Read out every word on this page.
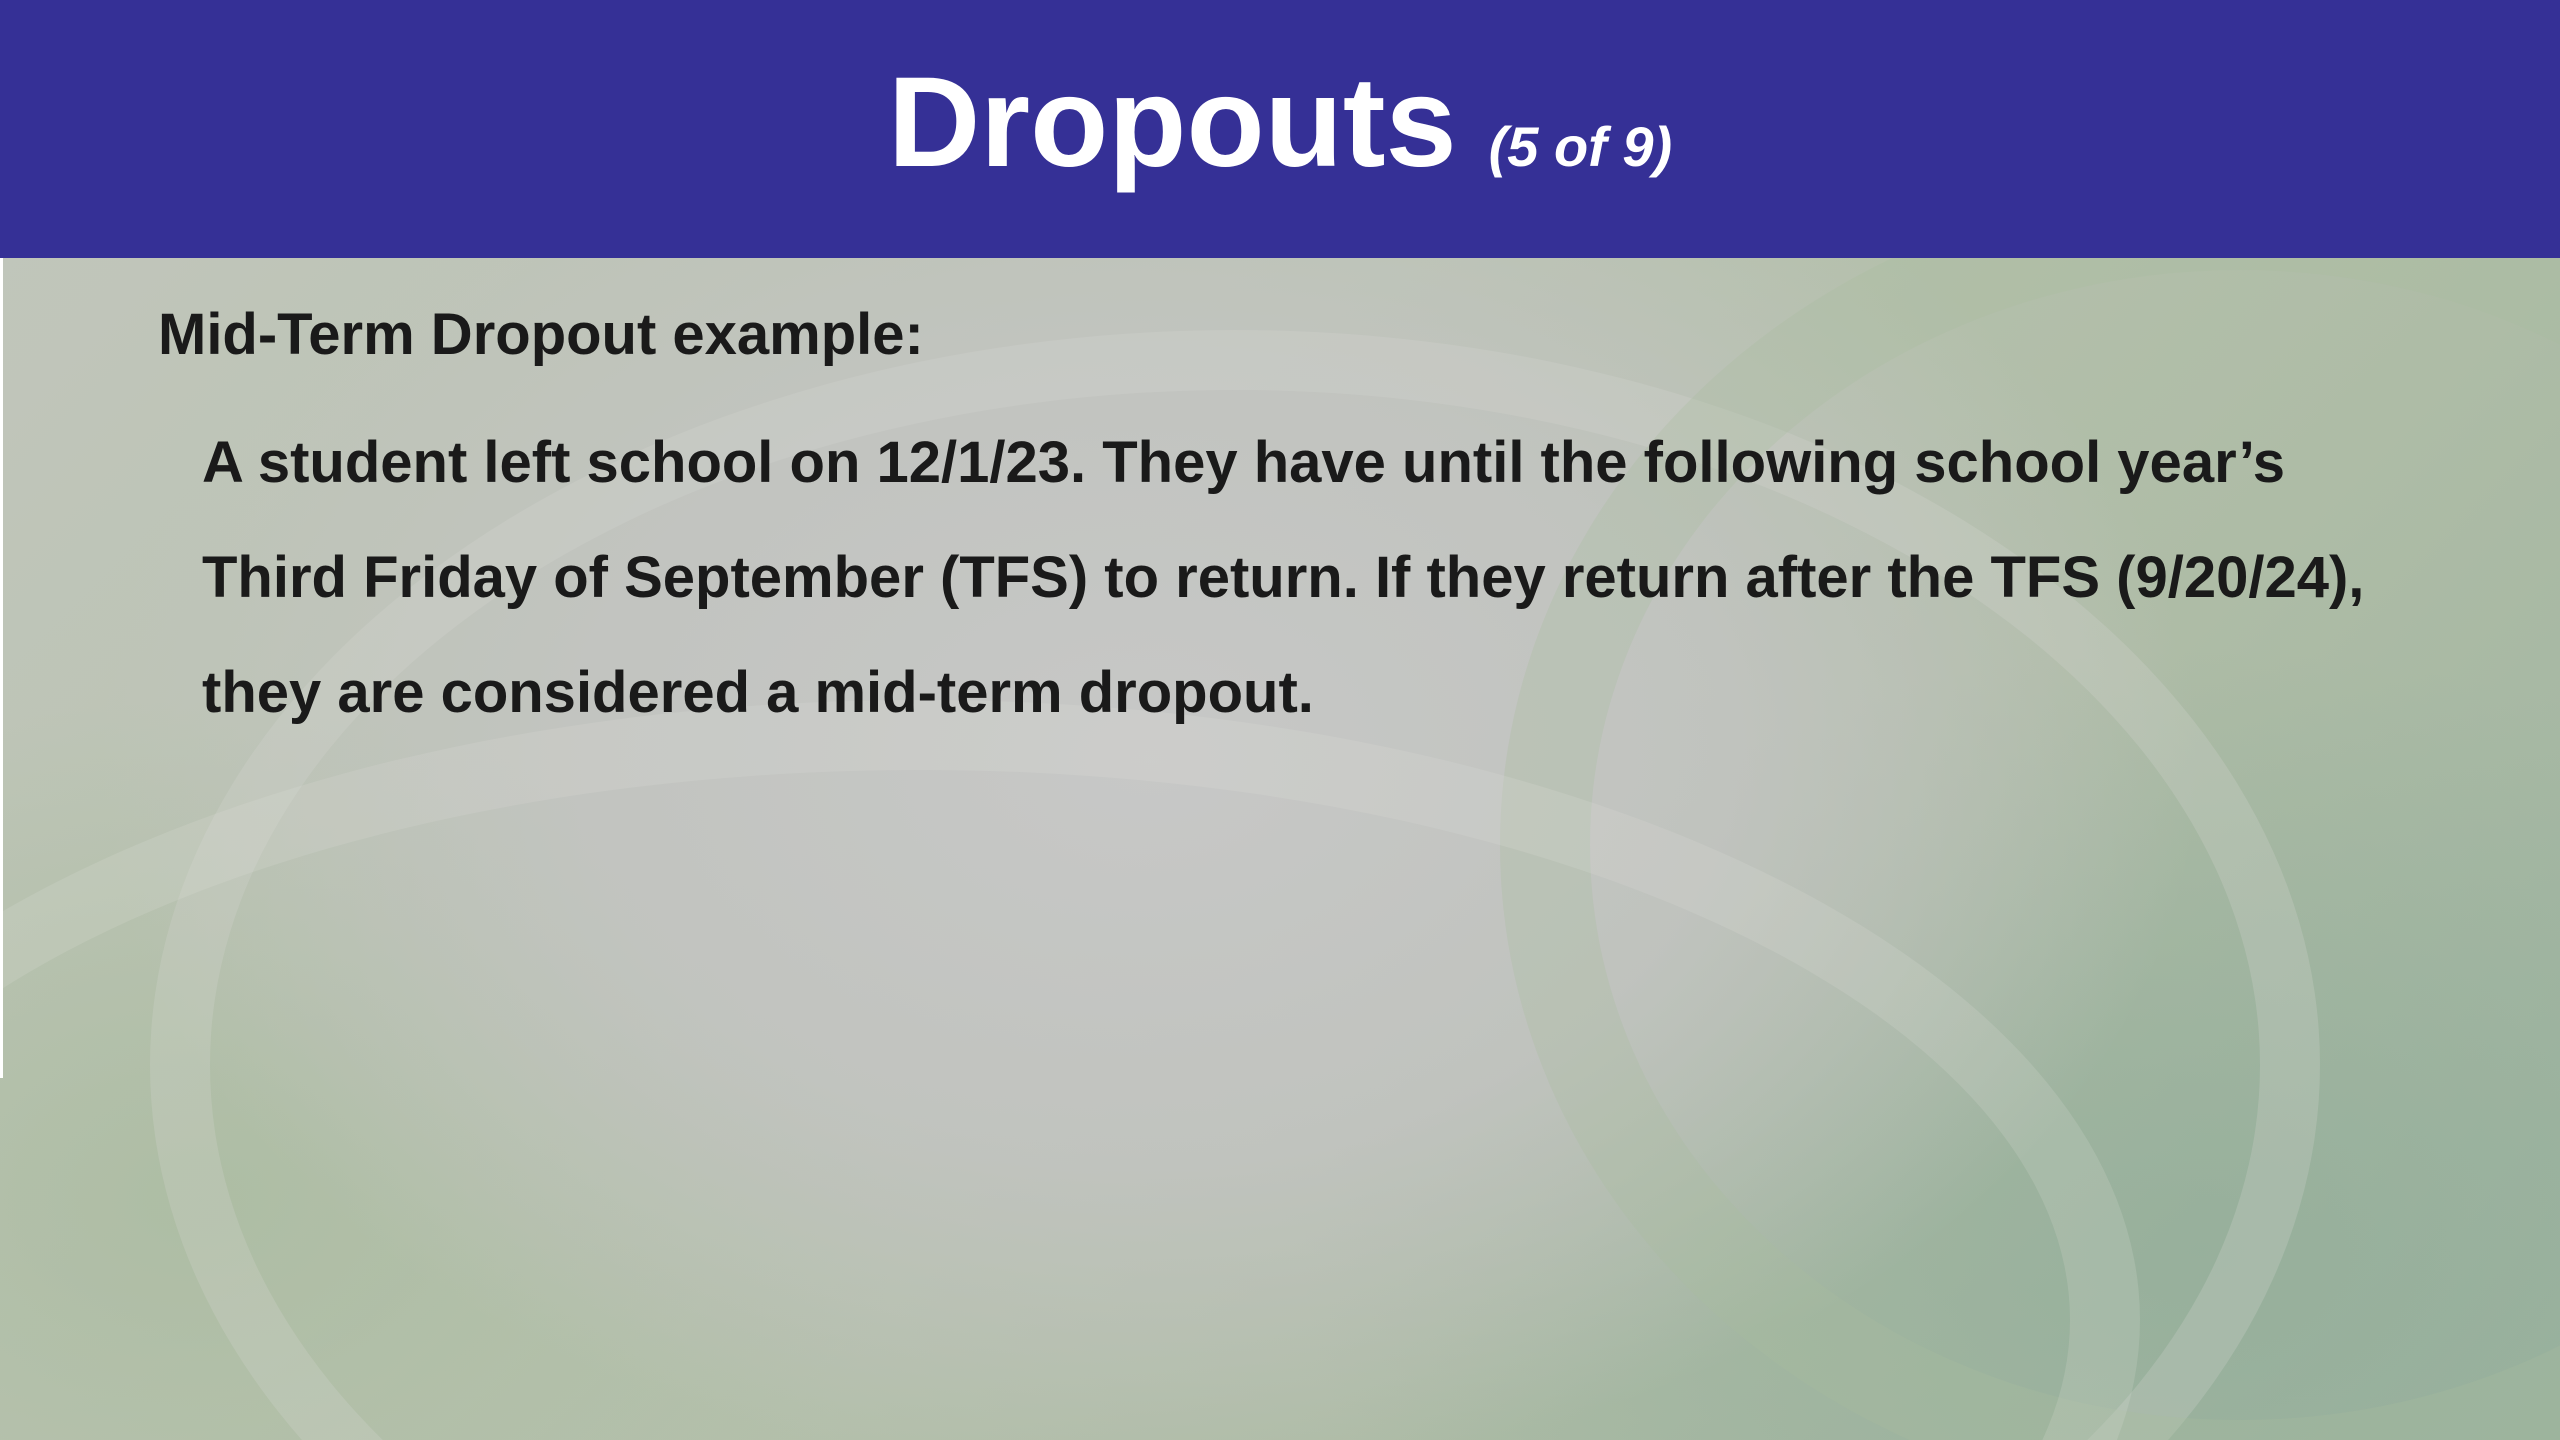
Dropouts (5 of 9)

Mid-Term Dropout example:

A student left school on 12/1/23. They have until the following school year’s Third Friday of September (TFS) to return. If they return after the TFS (9/20/24), they are considered a mid-term dropout.
